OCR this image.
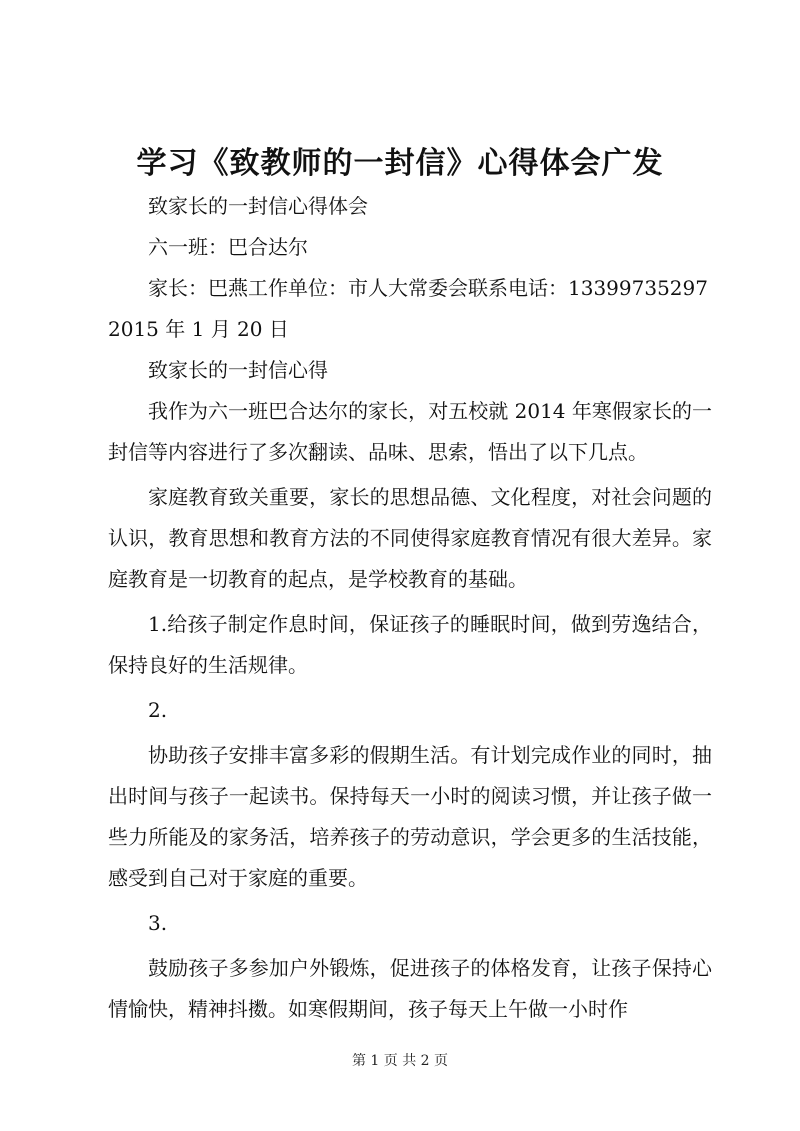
学习《致教师的一封信》心得体会广发

致家长的一封信心得体会

六一班：巴合达尔

家长：巴燕工作单位：市人大常委会联系电话：13399735297

2015 年 1 月 20 日

致家长的一封信心得

我作为六一班巴合达尔的家长，对五校就 2014 年寒假家长的一封信等内容进行了多次翻读、品味、思索，悟出了以下几点。

家庭教育致关重要，家长的思想品德、文化程度，对社会问题的认识，教育思想和教育方法的不同使得家庭教育情况有很大差异。家庭教育是一切教育的起点，是学校教育的基础。

1.给孩子制定作息时间，保证孩子的睡眠时间，做到劳逸结合，保持良好的生活规律。

2.

协助孩子安排丰富多彩的假期生活。有计划完成作业的同时，抽出时间与孩子一起读书。保持每天一小时的阅读习惯，并让孩子做一些力所能及的家务活，培养孩子的劳动意识，学会更多的生活技能，感受到自己对于家庭的重要。

3.

鼓励孩子多参加户外锻炼，促进孩子的体格发育，让孩子保持心情愉快，精神抖擞。如寒假期间，孩子每天上午做一小时作

第 1 页 共 2 页
